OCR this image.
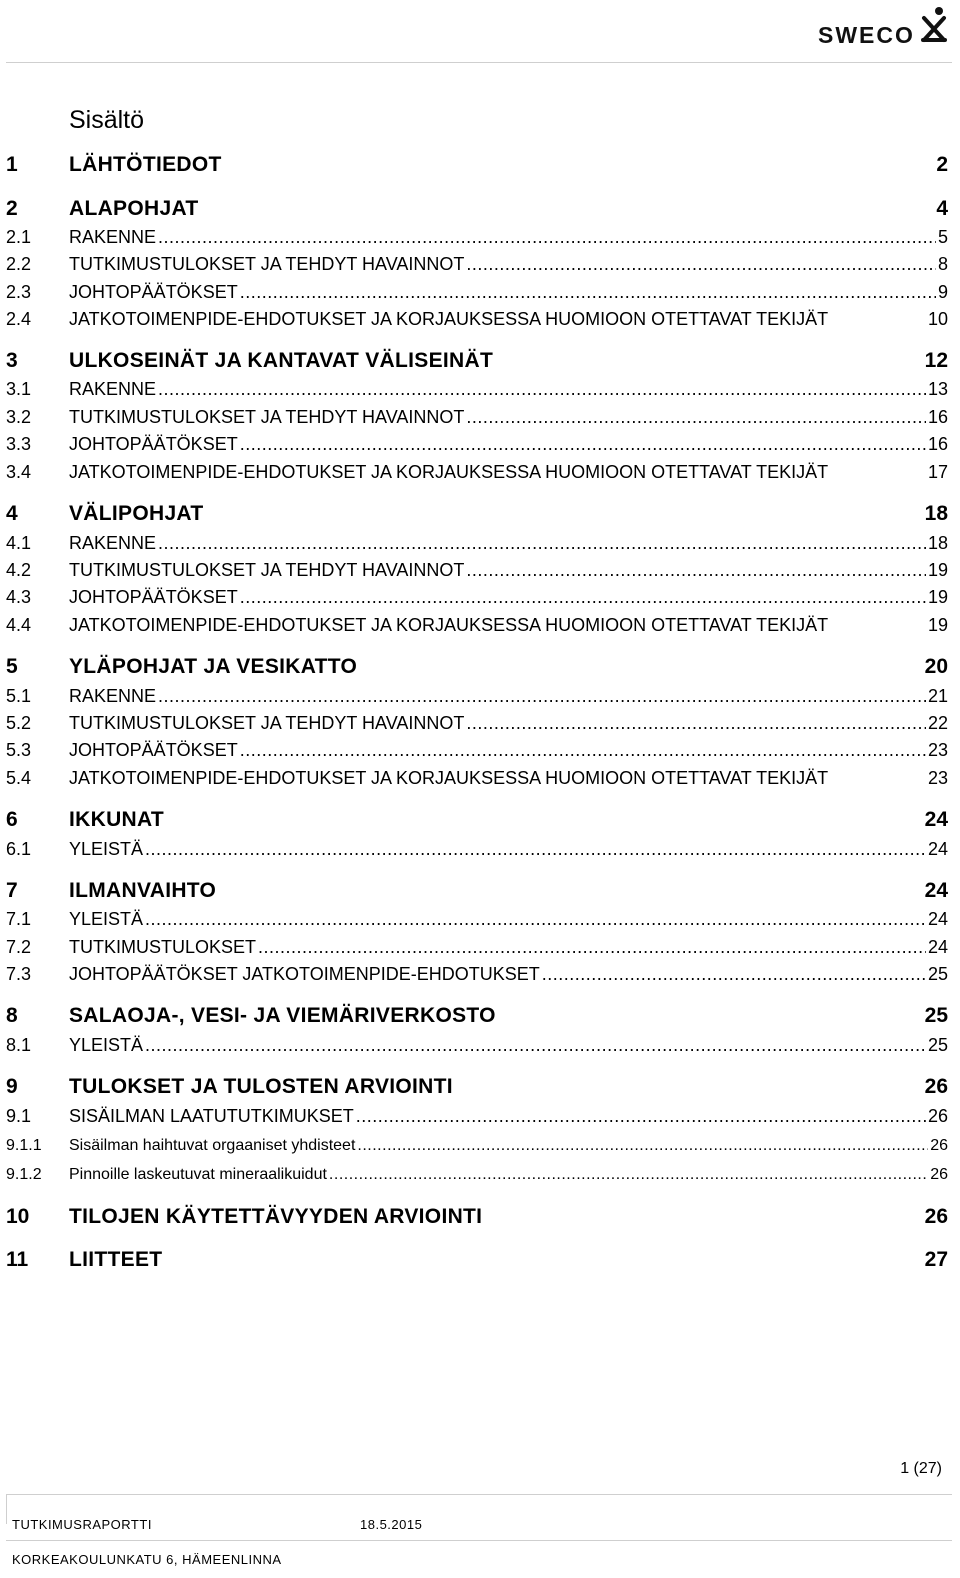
SWECO
Sisältö
1	LÄHTÖTIEDOT	2
2	ALAPOHJAT	4
2.1	RAKENNE .....	5
2.2	TUTKIMUSTULOKSET JA TEHDYT HAVAINNOT .....	8
2.3	JOHTOPÄÄTÖKSET .....	9
2.4	JATKOTOIMENPIDE-EHDOTUKSET JA KORJAUKSESSA HUOMIOON OTETTAVAT TEKIJÄT	10
3	ULKOSEINÄT JA KANTAVAT VÄLISEINÄT	12
3.1	RAKENNE .....	13
3.2	TUTKIMUSTULOKSET JA TEHDYT HAVAINNOT .....	16
3.3	JOHTOPÄÄTÖKSET .....	16
3.4	JATKOTOIMENPIDE-EHDOTUKSET JA KORJAUKSESSA HUOMIOON OTETTAVAT TEKIJÄT	17
4	VÄLIPOHJAT	18
4.1	RAKENNE .....	18
4.2	TUTKIMUSTULOKSET JA TEHDYT HAVAINNOT .....	19
4.3	JOHTOPÄÄTÖKSET .....	19
4.4	JATKOTOIMENPIDE-EHDOTUKSET JA KORJAUKSESSA HUOMIOON OTETTAVAT TEKIJÄT	19
5	YLÄPOHJAT JA VESIKATTO	20
5.1	RAKENNE .....	21
5.2	TUTKIMUSTULOKSET JA TEHDYT HAVAINNOT .....	22
5.3	JOHTOPÄÄTÖKSET .....	23
5.4	JATKOTOIMENPIDE-EHDOTUKSET JA KORJAUKSESSA HUOMIOON OTETTAVAT TEKIJÄT	23
6	IKKUNAT	24
6.1	YLEISTÄ .....	24
7	ILMANVAIHTO	24
7.1	YLEISTÄ .....	24
7.2	TUTKIMUSTULOKSET .....	24
7.3	JOHTOPÄÄTÖKSET JATKOTOIMENPIDE-EHDOTUKSET .....	25
8	SALAOJA-, VESI- JA VIEMÄRIVERKOSTO	25
8.1	YLEISTÄ .....	25
9	TULOKSET JA TULOSTEN ARVIOINTI	26
9.1	SISÄILMAN LAATUTUTKIMUKSET .....	26
9.1.1	Sisäilman haihtuvat orgaaniset yhdisteet .....	26
9.1.2	Pinnoille laskeutuvat mineraalikuidut .....	26
10	TILOJEN KÄYTETTÄVYYDEN ARVIOINTI	26
11	LIITTEET	27
1 (27)
TUTKIMUSRAPORTTI	18.5.2015
KORKEAKOULUNKATU 6, HÄMEENLINNA
